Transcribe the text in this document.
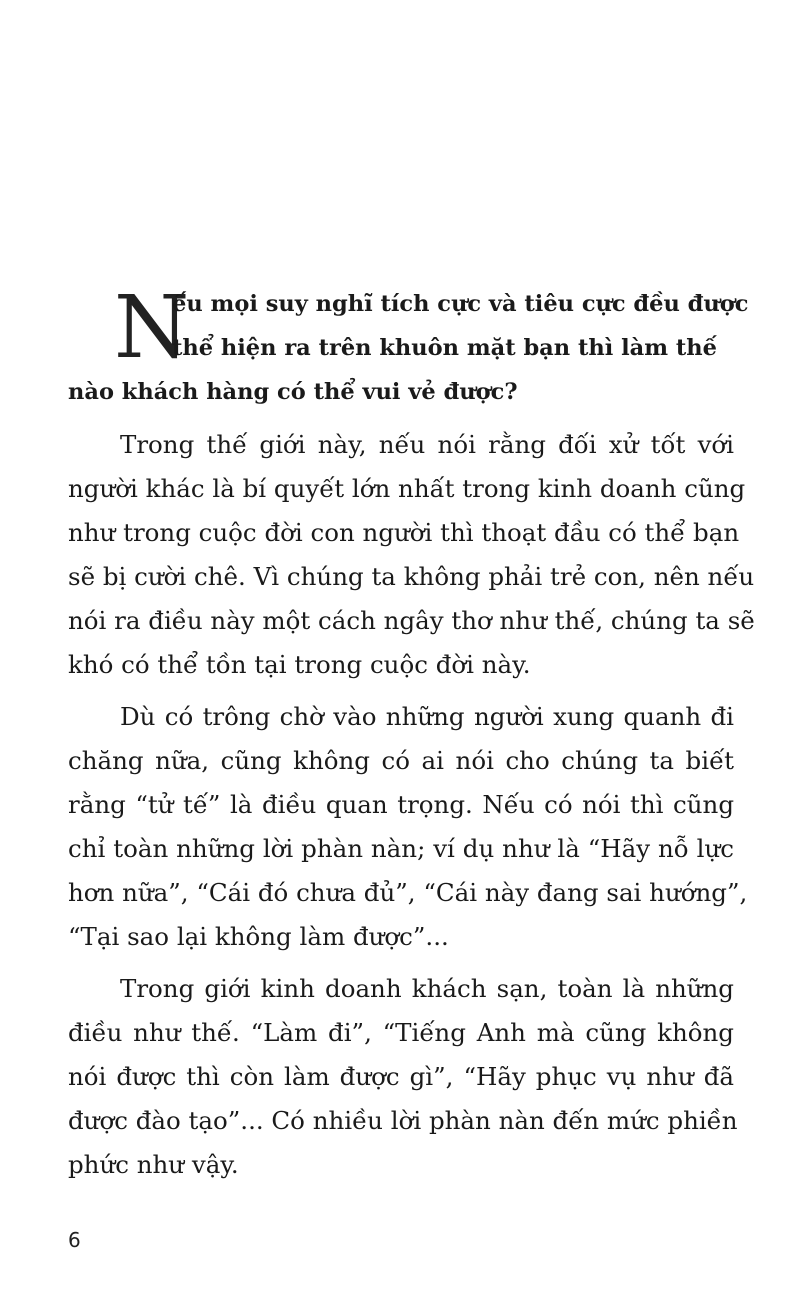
N
ếu mọi suy nghĩ tích cực và tiêu cực đều được
thể hiện ra trên khuôn mặt bạn thì làm thế
nào khách hàng có thể vui vẻ được?
Trong thế giới này, nếu nói rằng đối xử tốt với
người khác là bí quyết lớn nhất trong kinh doanh cũng
như trong cuộc đời con người thì thoạt đầu có thể bạn
sẽ bị cười chê. Vì chúng ta không phải trẻ con, nên nếu
nói ra điều này một cách ngây thơ như thế, chúng ta sẽ
khó có thể tồn tại trong cuộc đời này.
Dù có trông chờ vào những người xung quanh đi
chăng nữa, cũng không có ai nói cho chúng ta biết
rằng “tử tế” là điều quan trọng. Nếu có nói thì cũng
chỉ toàn những lời phàn nàn; ví dụ như là “Hãy nỗ lực
hơn nữa”, “Cái đó chưa đủ”, “Cái này đang sai hướng”,
“Tại sao lại không làm được”...
Trong giới kinh doanh khách sạn, toàn là những
điều như thế. “Làm đi”, “Tiếng Anh mà cũng không
nói được thì còn làm được gì”, “Hãy phục vụ như đã
được đào tạo”... Có nhiều lời phàn nàn đến mức phiền
phức như vậy.
6
